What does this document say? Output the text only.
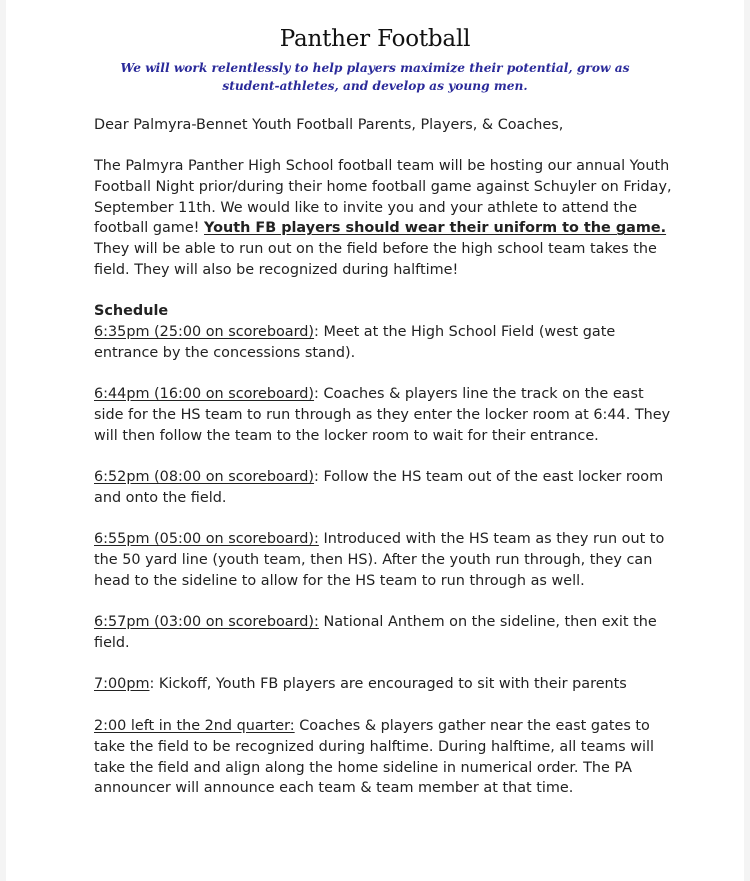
Panther Football
We will work relentlessly to help players maximize their potential, grow as student-athletes, and develop as young men.
Dear Palmyra-Bennet Youth Football Parents, Players, & Coaches,
The Palmyra Panther High School football team will be hosting our annual Youth Football Night prior/during their home football game against Schuyler on Friday, September 11th. We would like to invite you and your athlete to attend the football game! Youth FB players should wear their uniform to the game. They will be able to run out on the field before the high school team takes the field. They will also be recognized during halftime!
Schedule
6:35pm (25:00 on scoreboard): Meet at the High School Field (west gate entrance by the concessions stand).
6:44pm (16:00 on scoreboard): Coaches & players line the track on the east side for the HS team to run through as they enter the locker room at 6:44. They will then follow the team to the locker room to wait for their entrance.
6:52pm (08:00 on scoreboard): Follow the HS team out of the east locker room and onto the field.
6:55pm (05:00 on scoreboard): Introduced with the HS team as they run out to the 50 yard line (youth team, then HS). After the youth run through, they can head to the sideline to allow for the HS team to run through as well.
6:57pm (03:00 on scoreboard): National Anthem on the sideline, then exit the field.
7:00pm: Kickoff, Youth FB players are encouraged to sit with their parents
2:00 left in the 2nd quarter: Coaches & players gather near the east gates to take the field to be recognized during halftime. During halftime, all teams will take the field and align along the home sideline in numerical order. The PA announcer will announce each team & team member at that time.
